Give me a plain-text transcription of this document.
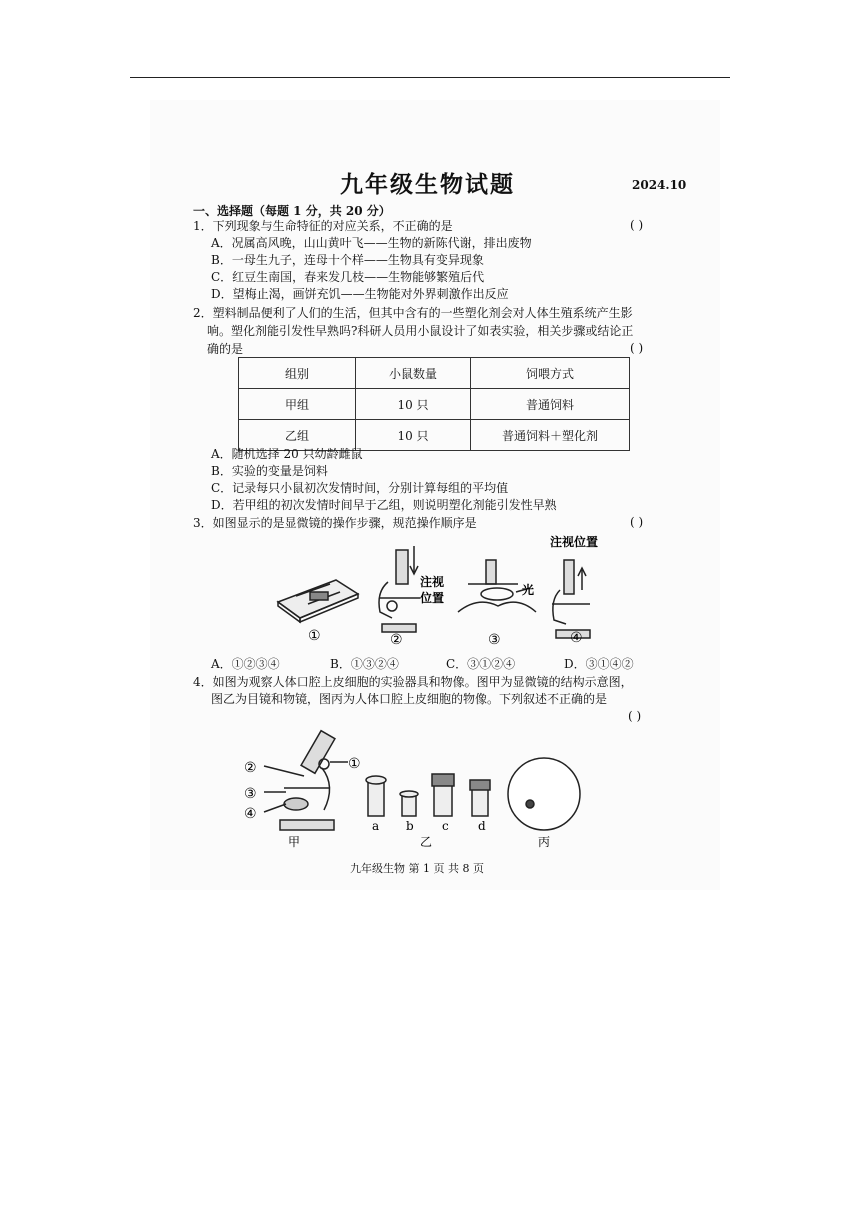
九年级生物试题	2024.10
一、选择题（每题 1 分，共 20 分）
1．下列现象与生命特征的对应关系，不正确的是	( )
A．况属高风晚，山山黄叶飞——生物的新陈代谢，排出废物
B．一母生九子，连母十个样——生物具有变异现象
C．红豆生南国，春来发几枝——生物能够繁殖后代
D．望梅止渴，画饼充饥——生物能对外界刺激作出反应
2．塑料制品便利了人们的生活，但其中含有的一些塑化剂会对人体生殖系统产生影
响。塑化剂能引发性早熟吗?科研人员用小鼠设计了如表实验，相关步骤或结论正
确的是	( )
组别	小鼠数量	饲喂方式
甲组	10 只	普通饲料
乙组	10 只	普通饲料＋塑化剂
A．随机选择 20 只幼龄雌鼠
B．实验的变量是饲料
C．记录每只小鼠初次发情时间，分别计算每组的平均值
D．若甲组的初次发情时间早于乙组，则说明塑化剂能引发性早熟
3．如图显示的是显微镜的操作步骤，规范操作顺序是	( )
①	②	③	④
注视
位置
光
注视位置
A．①②③④	B．①③②④	C．③①②④	D．③①④②
4．如图为观察人体口腔上皮细胞的实验器具和物像。图甲为显微镜的结构示意图，
图乙为目镜和物镜，图丙为人体口腔上皮细胞的物像。下列叙述不正确的是
( )
②
③
④
①
甲
a b c d
乙	丙
九年级生物 第 1 页 共 8 页
